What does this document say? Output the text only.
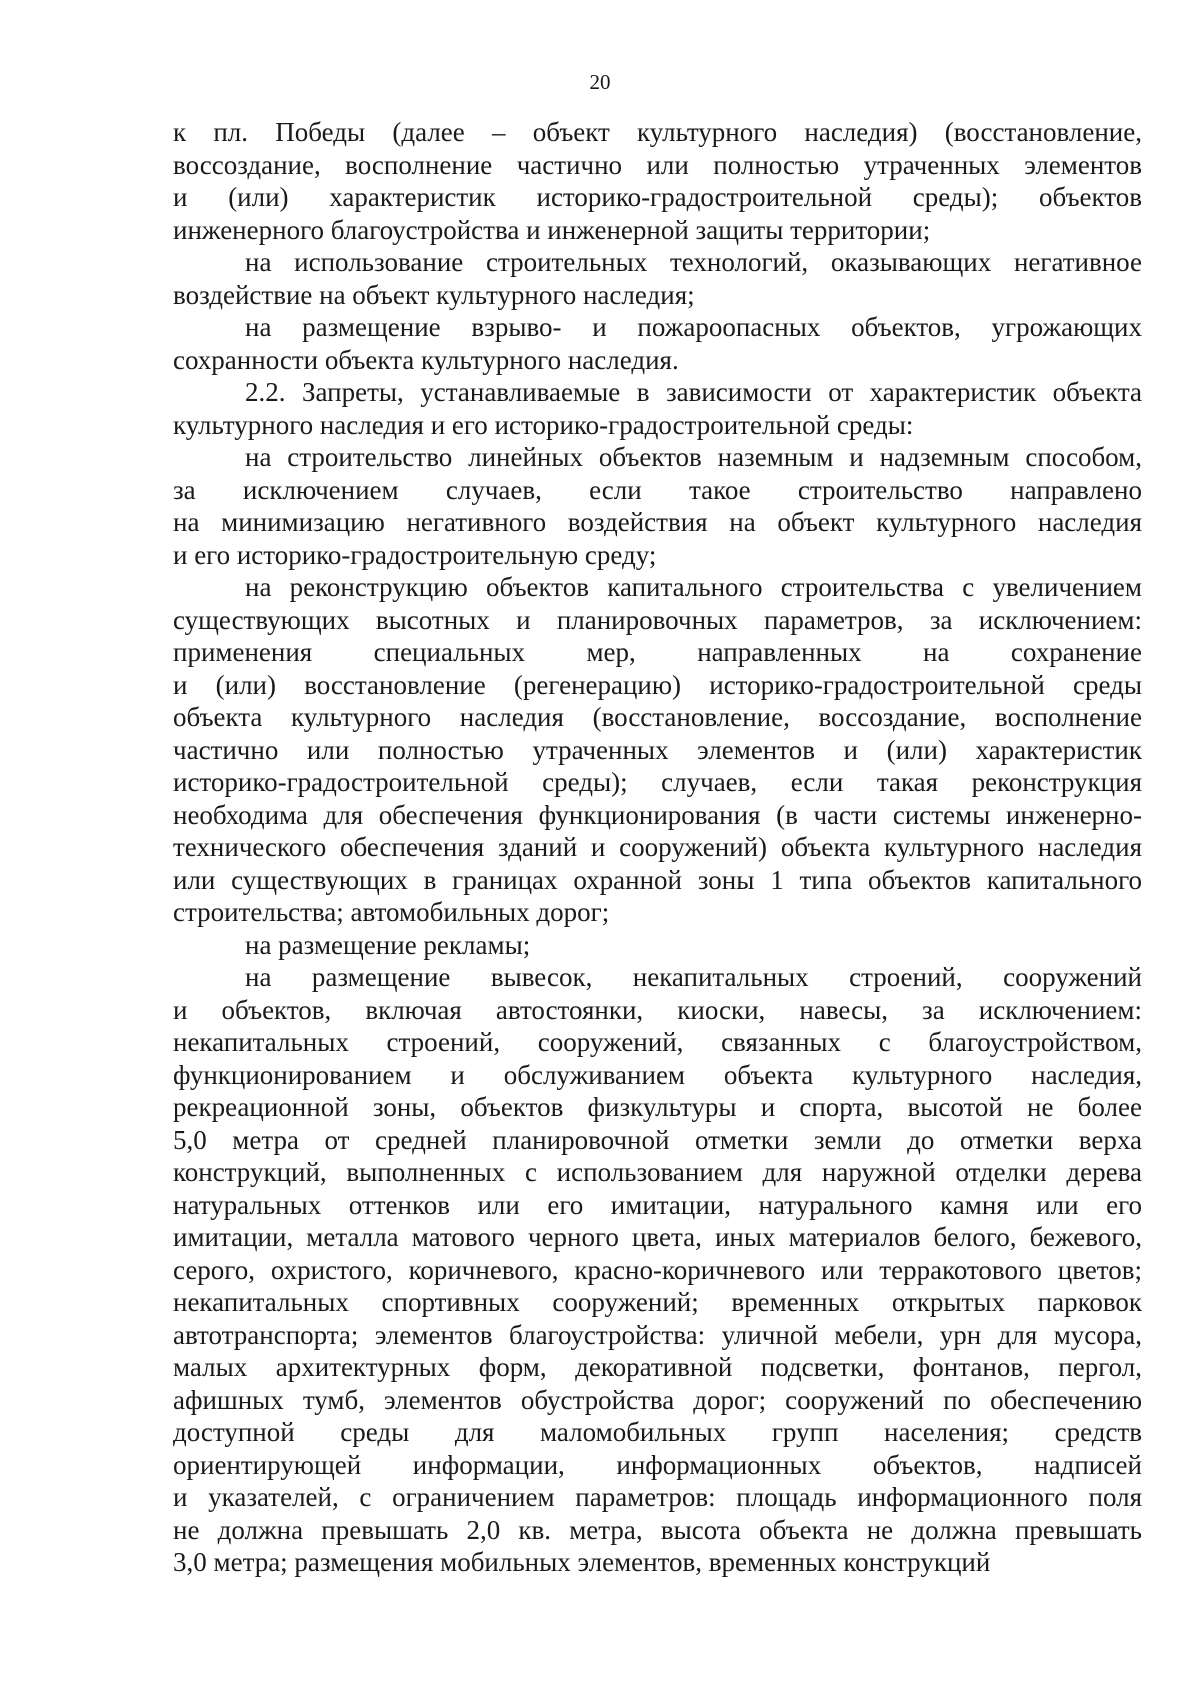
20

к пл. Победы (далее – объект культурного наследия) (восстановление,
воссоздание, восполнение частично или полностью утраченных элементов
и (или) характеристик историко-градостроительной среды); объектов
инженерного благоустройства и инженерной защиты территории;

на использование строительных технологий, оказывающих негативное
воздействие на объект культурного наследия;

на размещение взрыво- и пожароопасных объектов, угрожающих
сохранности объекта культурного наследия.

2.2. Запреты, устанавливаемые в зависимости от характеристик объекта
культурного наследия и его историко-градостроительной среды:

на строительство линейных объектов наземным и надземным способом,
за исключением случаев, если такое строительство направлено
на минимизацию негативного воздействия на объект культурного наследия
и его историко-градостроительную среду;

на реконструкцию объектов капитального строительства с увеличением
существующих высотных и планировочных параметров, за исключением:
применения специальных мер, направленных на сохранение
и (или) восстановление (регенерацию) историко-градостроительной среды
объекта культурного наследия (восстановление, воссоздание, восполнение
частично или полностью утраченных элементов и (или) характеристик
историко-градостроительной среды); случаев, если такая реконструкция
необходима для обеспечения функционирования (в части системы инженерно-
технического обеспечения зданий и сооружений) объекта культурного наследия
или существующих в границах охранной зоны 1 типа объектов капитального
строительства; автомобильных дорог;

на размещение рекламы;

на размещение вывесок, некапитальных строений, сооружений
и объектов, включая автостоянки, киоски, навесы, за исключением:
некапитальных строений, сооружений, связанных с благоустройством,
функционированием и обслуживанием объекта культурного наследия,
рекреационной зоны, объектов физкультуры и спорта, высотой не более
5,0 метра от средней планировочной отметки земли до отметки верха
конструкций, выполненных с использованием для наружной отделки дерева
натуральных оттенков или его имитации, натурального камня или его
имитации, металла матового черного цвета, иных материалов белого, бежевого,
серого, охристого, коричневого, красно-коричневого или терракотового цветов;
некапитальных спортивных сооружений; временных открытых парковок
автотранспорта; элементов благоустройства: уличной мебели, урн для мусора,
малых архитектурных форм, декоративной подсветки, фонтанов, пергол,
афишных тумб, элементов обустройства дорог; сооружений по обеспечению
доступной среды для маломобильных групп населения; средств
ориентирующей информации, информационных объектов, надписей
и указателей, с ограничением параметров: площадь информационного поля
не должна превышать 2,0 кв. метра, высота объекта не должна превышать
3,0 метра; размещения мобильных элементов, временных конструкций
